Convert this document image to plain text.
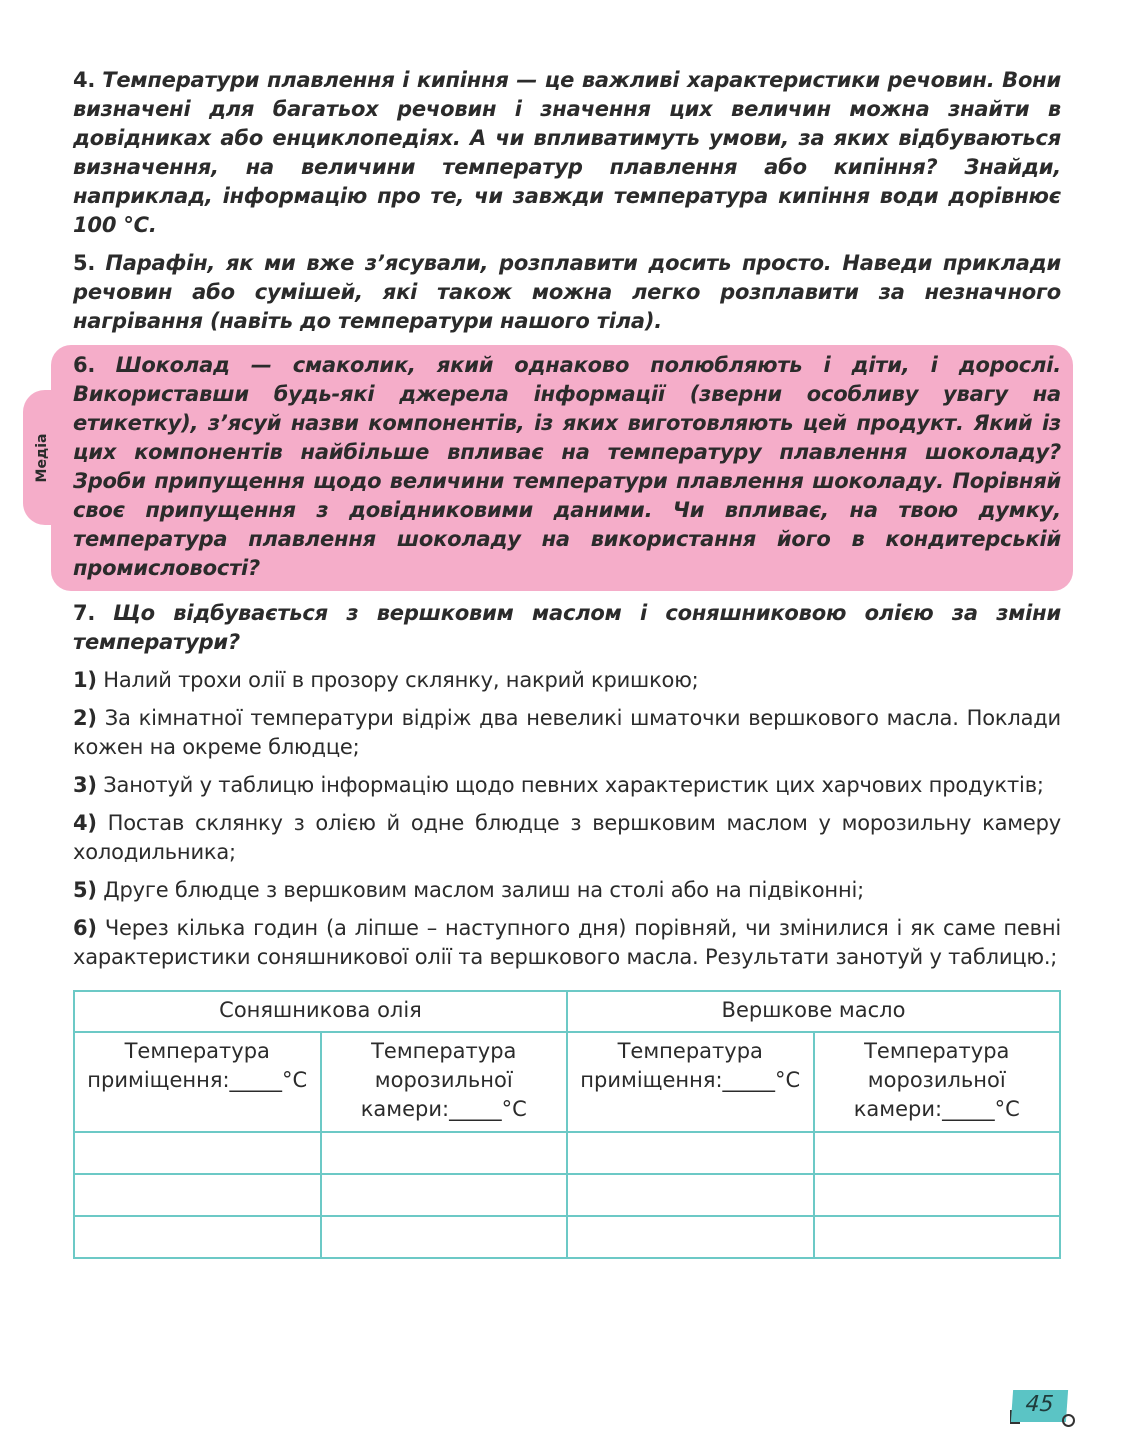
4. Температури плавлення і кипіння — це важливі характеристики речовин. Вони визначені для багатьох речовин і значення цих величин можна знайти в довідниках або енциклопедіях. А чи впливатимуть умови, за яких відбуваються визначення, на величини температур плавлення або кипіння? Знайди, наприклад, інформацію про те, чи завжди температура кипіння води дорівнює 100 °С.

5. Парафін, як ми вже з’ясували, розплавити досить просто. Наведи приклади речовин або сумішей, які також можна легко розплавити за незначного нагрівання (навіть до температури нашого тіла).

Медіа

6. Шоколад — смаколик, який однаково полюбляють і діти, і дорослі. Використавши будь-які джерела інформації (зверни особливу увагу на етикетку), з’ясуй назви компонентів, із яких виготовляють цей продукт. Який із цих компонентів найбільше впливає на температуру плавлення шоколаду? Зроби припущення щодо величини температури плавлення шоколаду. Порівняй своє припущення з довідниковими даними. Чи впливає, на твою думку, температура плавлення шоколаду на використання його в кондитерській промисловості?

7. Що відбувається з вершковим маслом і соняшниковою олією за зміни температури?

1) Налий трохи олії в прозору склянку, накрий кришкою;

2) За кімнатної температури відріж два невеликі шматочки вершкового масла. Поклади кожен на окреме блюдце;

3) Занотуй у таблицю інформацію щодо певних характеристик цих харчових продуктів;

4) Постав склянку з олією й одне блюдце з вершковим маслом у морозильну камеру холодильника;

5) Друге блюдце з вершковим маслом залиш на столі або на підвіконні;

6) Через кілька годин (а ліпше – наступного дня) порівняй, чи змінилися і як саме певні характеристики соняшникової олії та вершкового масла. Результати занотуй у таблицю.;

Соняшникова олія		Вершкове масло	
Температура приміщення:_____°С	Температура морозильної камери:_____°С	Температура приміщення:_____°С	Температура морозильної камери:_____°С

45
